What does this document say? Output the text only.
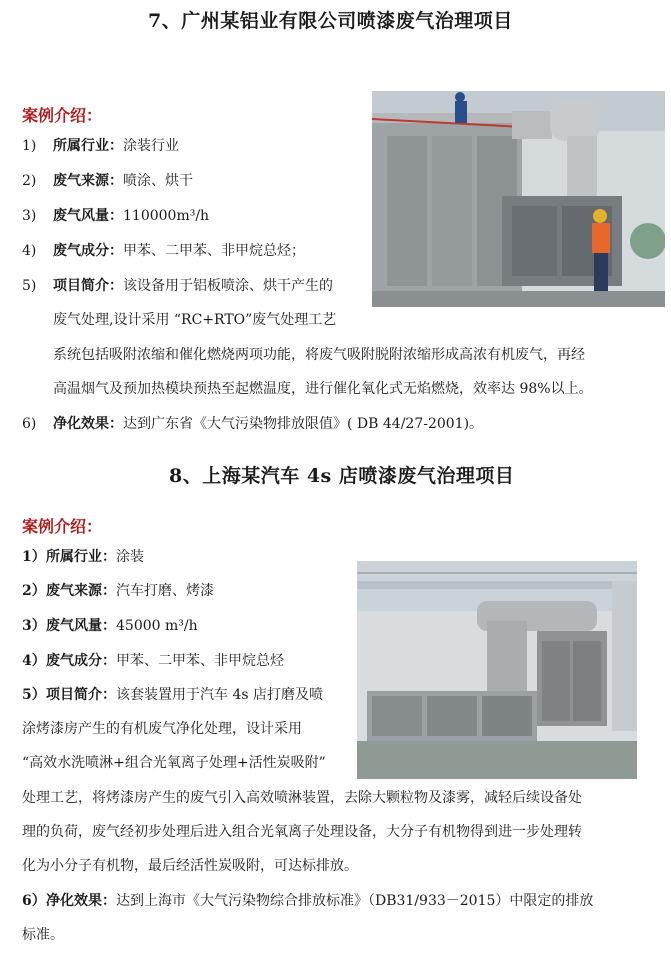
7、广州某铝业有限公司喷漆废气治理项目
案例介绍：
1) 所属行业：涂装行业
2) 废气来源：喷涂、烘干
3) 废气风量：110000m³/h
4) 废气成分：甲苯、二甲苯、非甲烷总烃；
5) 项目简介：该设备用于铝板喷涂、烘干产生的
废气处理,设计采用 “RC+RTO”废气处理工艺
系统包括吸附浓缩和催化燃烧两项功能，将废气吸附脱附浓缩形成高浓有机废气，再经
高温烟气及预加热模块预热至起燃温度，进行催化氧化式无焰燃烧，效率达 98%以上。
6) 净化效果：达到广东省《大气污染物排放限值》( DB 44/27-2001)。
8、上海某汽车 4s 店喷漆废气治理项目
案例介绍：
1）所属行业：涂装
2）废气来源：汽车打磨、烤漆
3）废气风量：45000 m³/h
4）废气成分：甲苯、二甲苯、非甲烷总烃
5）项目简介：该套装置用于汽车 4s 店打磨及喷
涂烤漆房产生的有机废气净化处理，设计采用
“高效水洗喷淋+组合光氧离子处理+活性炭吸附”
处理工艺，将烤漆房产生的废气引入高效喷淋装置，去除大颗粒物及漆雾，减轻后续设备处
理的负荷，废气经初步处理后进入组合光氧离子处理设备，大分子有机物得到进一步处理转
化为小分子有机物，最后经活性炭吸附，可达标排放。
6）净化效果：达到上海市《大气污染物综合排放标准》（DB31/933－2015）中限定的排放
标准。
